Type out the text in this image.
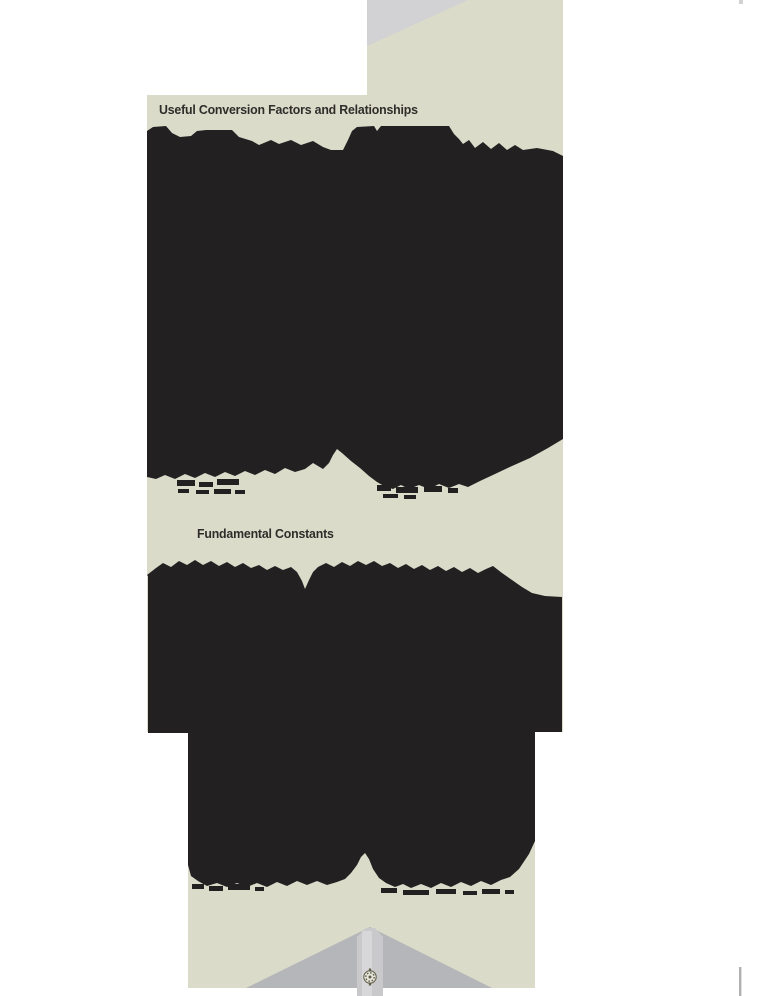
Useful Conversion Factors and Relationships
Fundamental Constants
